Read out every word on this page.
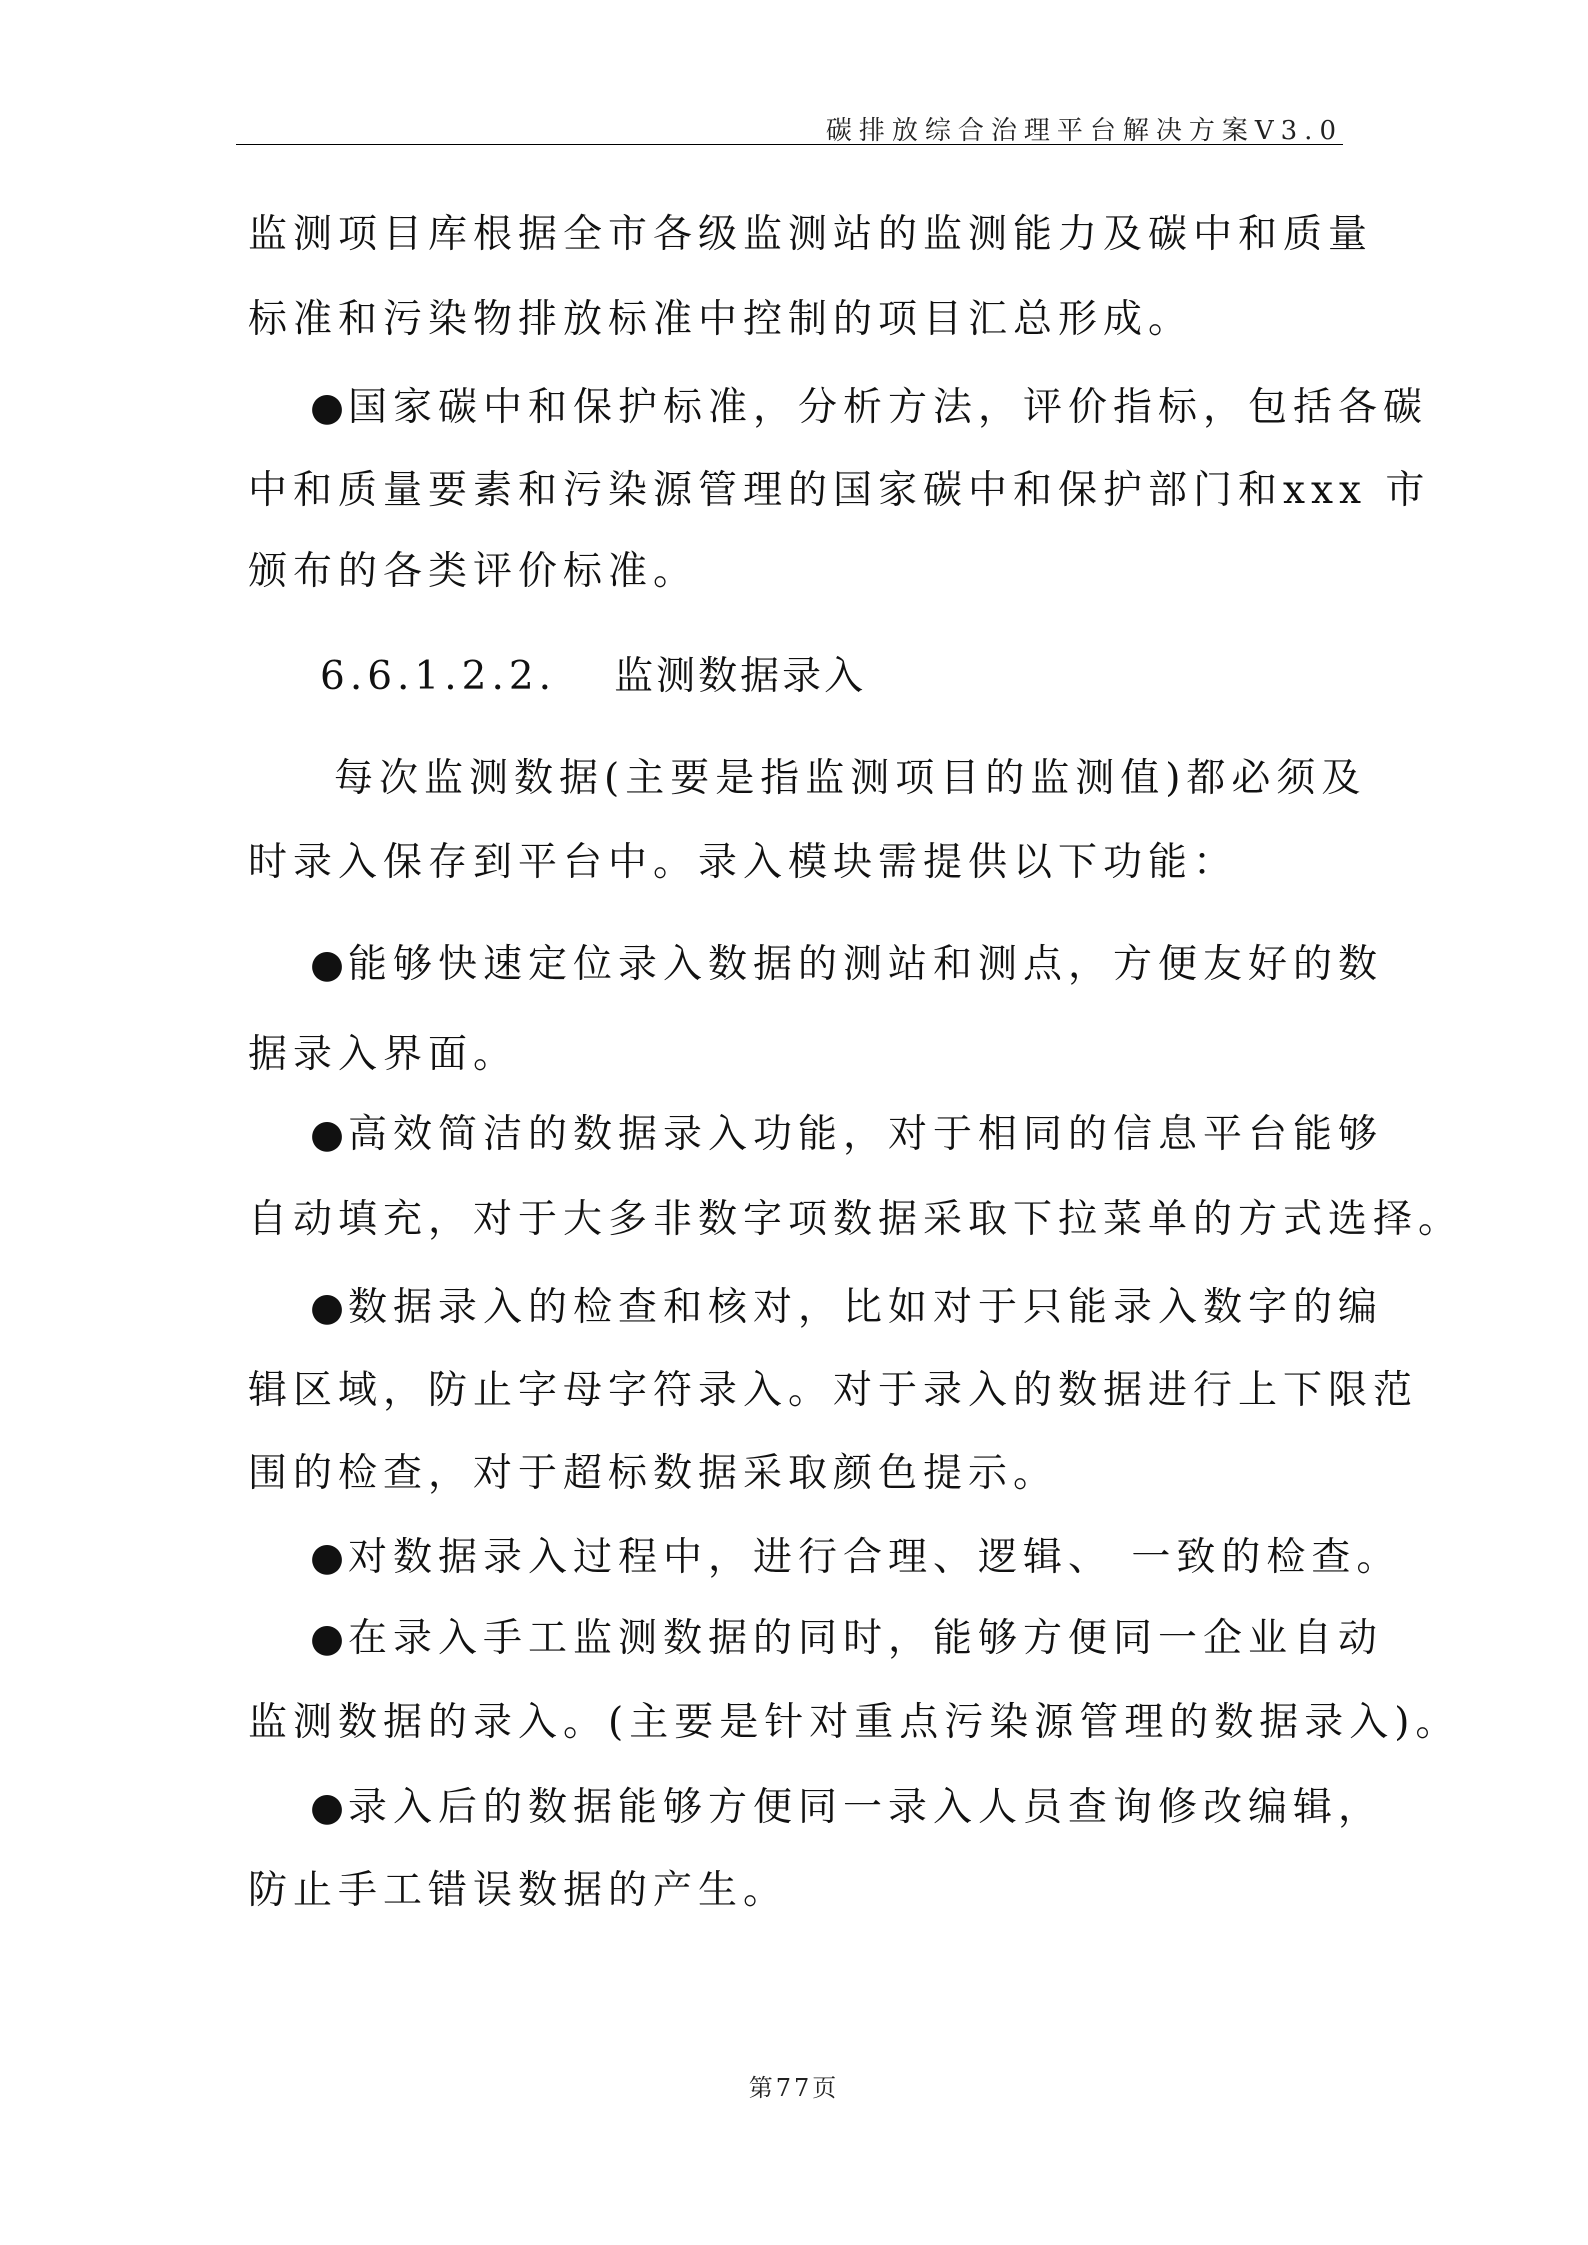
碳排放综合治理平台解决方案V3.0
监测项目库根据全市各级监测站的监测能力及碳中和质量
标准和污染物排放标准中控制的项目汇总形成。
● 国家碳中和保护标准，分析方法，评价指标，包括各碳
中和质量要素和污染源管理的国家碳中和保护部门和xxx 市
颁布的各类评价标准。
6.6.1.2.2. 监测数据录入
每次监测数据(主要是指监测项目的监测值)都必须及
时录入保存到平台中。录入模块需提供以下功能：
● 能够快速定位录入数据的测站和测点，方便友好的数
据录入界面。
● 高效简洁的数据录入功能，对于相同的信息平台能够
自动填充，对于大多非数字项数据采取下拉菜单的方式选择。
● 数据录入的检查和核对，比如对于只能录入数字的编
辑区域，防止字母字符录入。对于录入的数据进行上下限范
围的检查，对于超标数据采取颜色提示。
● 对数据录入过程中，进行合理、逻辑、 一致的检查。
● 在录入手工监测数据的同时，能够方便同一企业自动
监测数据的录入。(主要是针对重点污染源管理的数据录入)。
● 录入后的数据能够方便同一录入人员查询修改编辑，
防止手工错误数据的产生。
第77页
